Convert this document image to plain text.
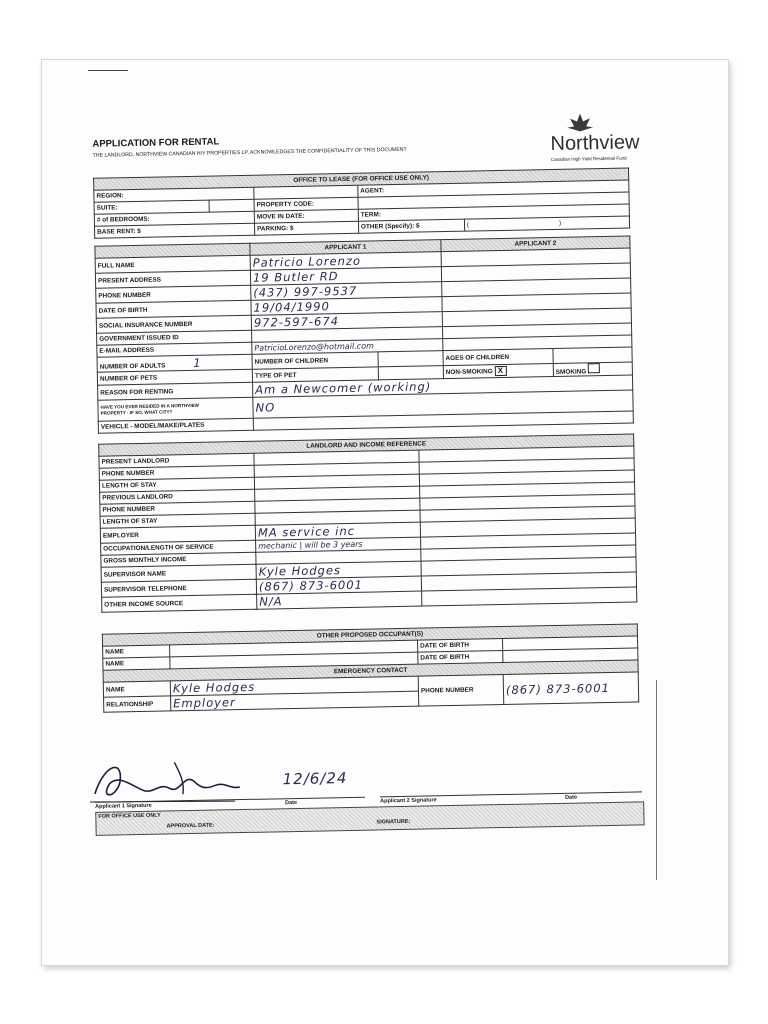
APPLICATION FOR RENTAL
THE LANDLORD, NORTHVIEW CANADIAN HIY PROPERTIES LP, ACKNOWLEDGES THE CONFIDENTIALITY OF THIS DOCUMENT	Northview
Canadian High Yield Residential Fund
OFFICE TO LEASE (FOR OFFICE USE ONLY)				
REGION:			AGENT:	
SUITE:		PROPERTY CODE:		
# of BEDROOMS:		MOVE IN DATE:	TERM:	
BASE RENT: $		PARKING: $	OTHER (Specify): $	( )
	APPLICANT 1		APPLICANT 2	
FULL NAME	Patricio Lorenzo			
PRESENT ADDRESS	19 Butler RD			
PHONE NUMBER	(437) 997-9537			
DATE OF BIRTH	19/04/1990			
SOCIAL INSURANCE NUMBER	972-597-674			
GOVERNMENT ISSUED ID				
E-MAIL ADDRESS	PatricioLorenzo@hotmail.com			
NUMBER OF ADULTS 1	NUMBER OF CHILDREN		AGES OF CHILDREN	
NUMBER OF PETS	TYPE OF PET		NON-SMOKING X	SMOKING
REASON FOR RENTING	Am a Newcomer (working)			
HAVE YOU EVER RESIDED IN A NORTHVIEW
PROPERTY - IF SO, WHAT CITY?	NO			
VEHICLE - MODEL/MAKE/PLATES				
LANDLORD AND INCOME REFERENCE		
PRESENT LANDLORD		
PHONE NUMBER		
LENGTH OF STAY		
PREVIOUS LANDLORD		
PHONE NUMBER		
LENGTH OF STAY		
EMPLOYER	MA service inc	
OCCUPATION/LENGTH OF SERVICE	mechanic | will be 3 years	
GROSS MONTHLY INCOME		
SUPERVISOR NAME	Kyle Hodges	
SUPERVISOR TELEPHONE	(867) 873-6001	
OTHER INCOME SOURCE	N/A	
OTHER PROPOSED OCCUPANT(S)			
NAME		DATE OF BIRTH	
NAME		DATE OF BIRTH	
EMERGENCY CONTACT			
NAME	Kyle Hodges	PHONE NUMBER	(867) 873-6001
RELATIONSHIP	Employer		
12/6/24
Applicant 1 Signature	Date	Applicant 2 Signature	Date
FOR OFFICE USE ONLY
APPROVAL DATE:
SIGNATURE:
